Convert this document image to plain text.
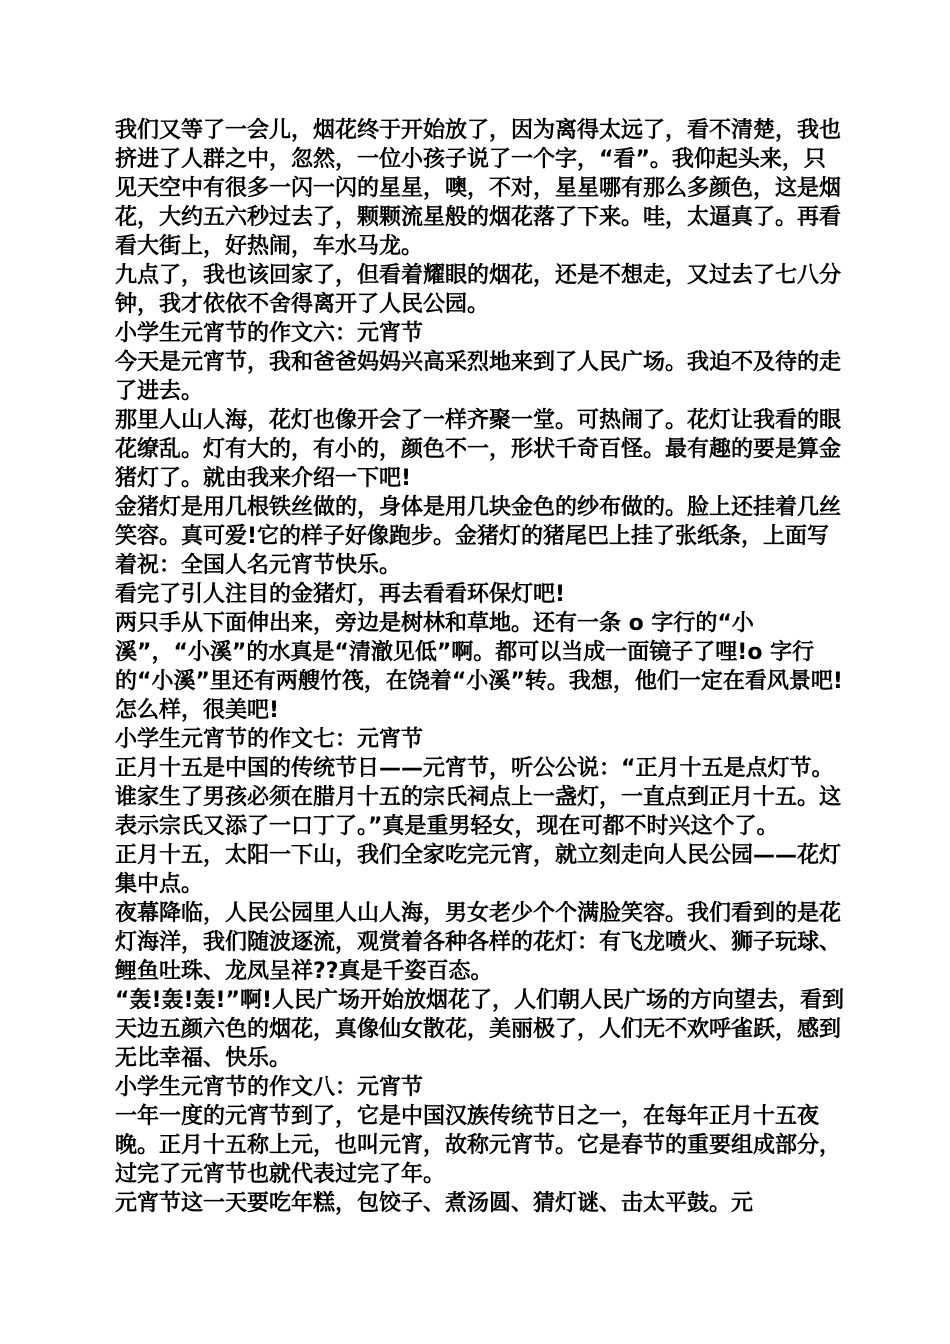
我们又等了一会儿，烟花终于开始放了，因为离得太远了，看不清楚，我也挤进了人群之中，忽然，一位小孩子说了一个字，“看”。我仰起头来，只见天空中有很多一闪一闪的星星，噢，不对，星星哪有那么多颜色，这是烟花，大约五六秒过去了，颗颗流星般的烟花落了下来。哇，太逼真了。再看看大街上，好热闹，车水马龙。

九点了，我也该回家了，但看着耀眼的烟花，还是不想走，又过去了七八分钟，我才依依不舍得离开了人民公园。

小学生元宵节的作文六：元宵节

今天是元宵节，我和爸爸妈妈兴高采烈地来到了人民广场。我迫不及待的走了进去。

那里人山人海，花灯也像开会了一样齐聚一堂。可热闹了。花灯让我看的眼花缭乱。灯有大的，有小的，颜色不一，形状千奇百怪。最有趣的要是算金猪灯了。就由我来介绍一下吧!

金猪灯是用几根铁丝做的，身体是用几块金色的纱布做的。脸上还挂着几丝笑容。真可爱!它的样子好像跑步。金猪灯的猪尾巴上挂了张纸条，上面写着祝：全国人名元宵节快乐。

看完了引人注目的金猪灯，再去看看环保灯吧!

两只手从下面伸出来，旁边是树林和草地。还有一条 o 字行的“小溪”，“小溪”的水真是“清澈见低”啊。都可以当成一面镜子了哩!o 字行的“小溪”里还有两艘竹筏，在饶着“小溪”转。我想，他们一定在看风景吧!

怎么样，很美吧!

小学生元宵节的作文七：元宵节

正月十五是中国的传统节日——元宵节，听公公说：“正月十五是点灯节。谁家生了男孩必须在腊月十五的宗氏祠点上一盏灯，一直点到正月十五。这表示宗氏又添了一口丁了。”真是重男轻女，现在可都不时兴这个了。

正月十五，太阳一下山，我们全家吃完元宵，就立刻走向人民公园——花灯集中点。

夜幕降临，人民公园里人山人海，男女老少个个满脸笑容。我们看到的是花灯海洋，我们随波逐流，观赏着各种各样的花灯：有飞龙喷火、狮子玩球、鲤鱼吐珠、龙凤呈祥??真是千姿百态。

“轰!轰!轰!”啊!人民广场开始放烟花了，人们朝人民广场的方向望去，看到天边五颜六色的烟花，真像仙女散花，美丽极了，人们无不欢呼雀跃，感到无比幸福、快乐。

小学生元宵节的作文八：元宵节

一年一度的元宵节到了，它是中国汉族传统节日之一，在每年正月十五夜晚。正月十五称上元，也叫元宵，故称元宵节。它是春节的重要组成部分，过完了元宵节也就代表过完了年。

元宵节这一天要吃年糕，包饺子、煮汤圆、猜灯谜、击太平鼓。元
